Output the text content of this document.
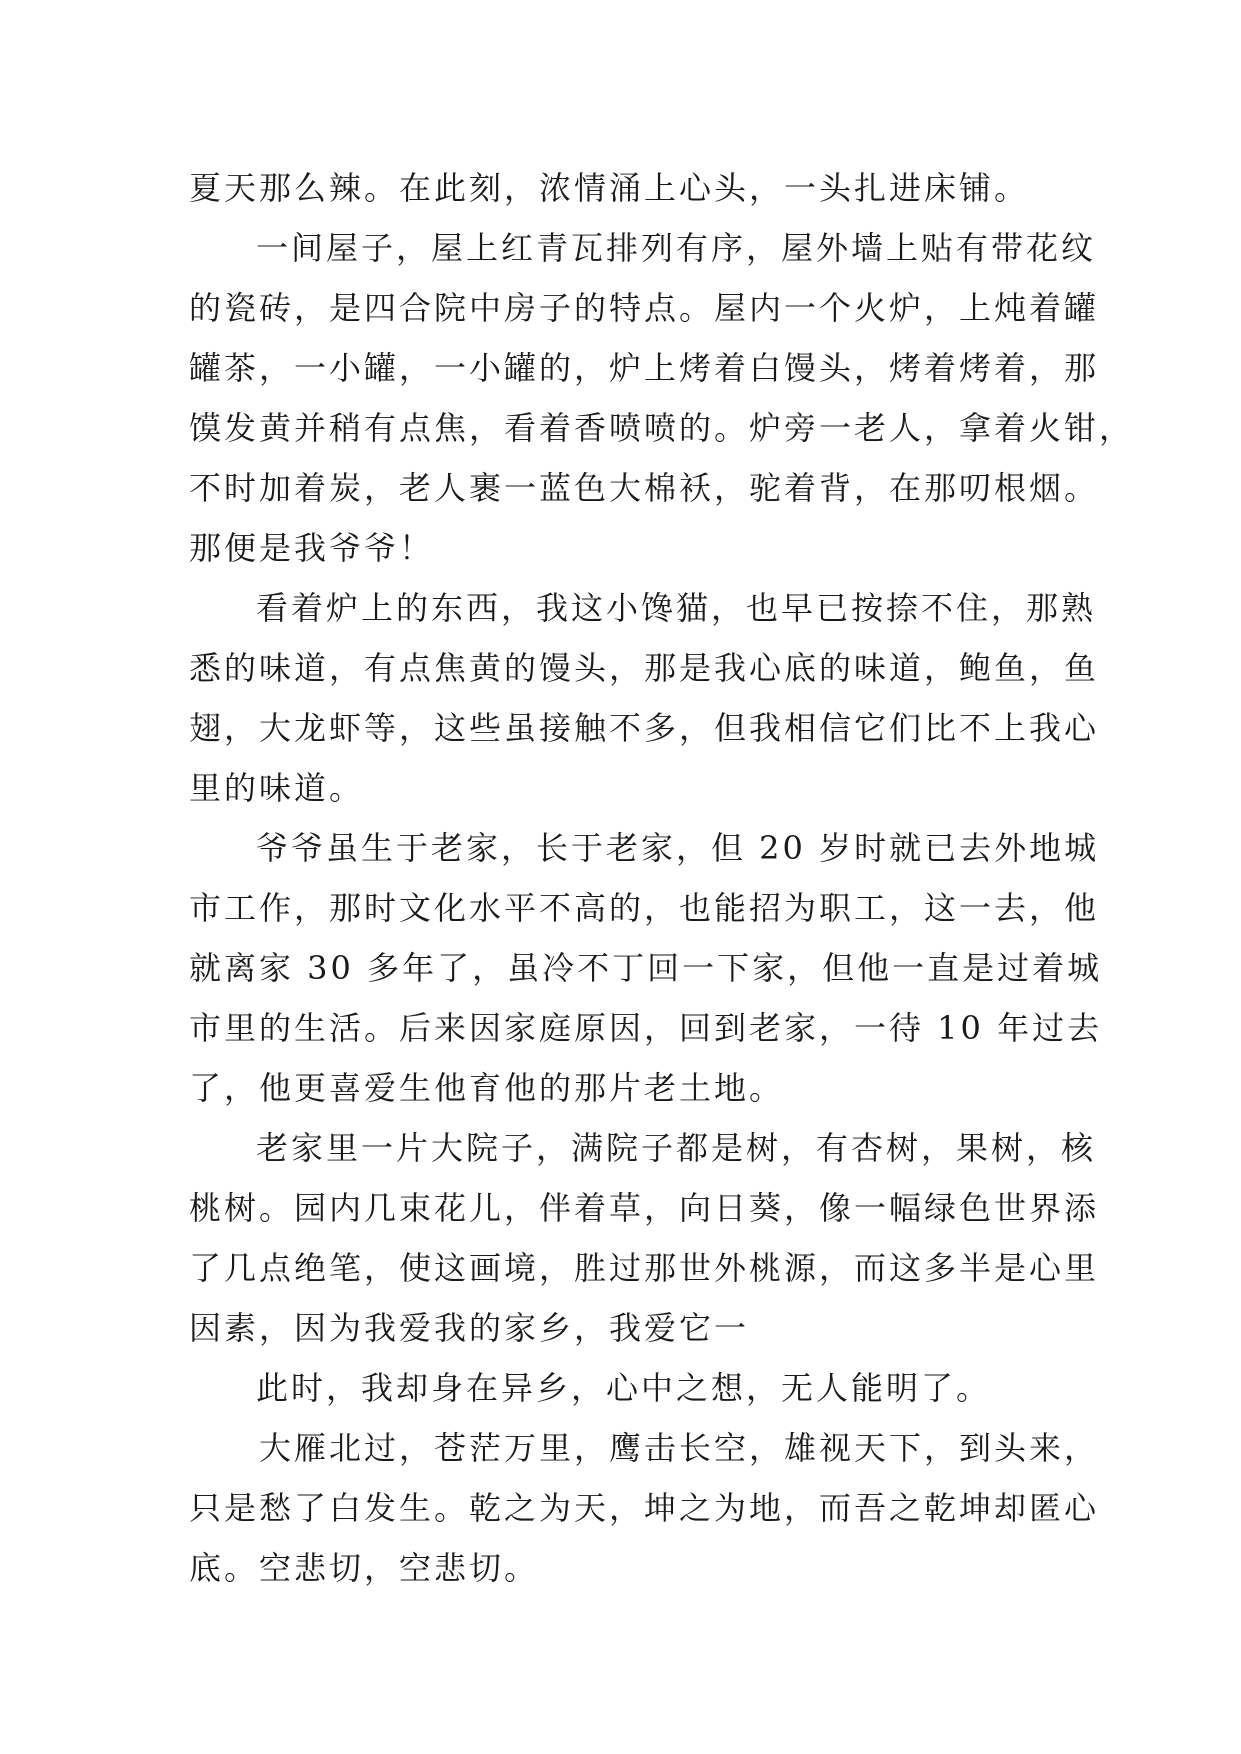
夏天那么辣。在此刻，浓情涌上心头，一头扎进床铺。
一间屋子，屋上红青瓦排列有序，屋外墙上贴有带花纹
的瓷砖，是四合院中房子的特点。屋内一个火炉，上炖着罐
罐茶，一小罐，一小罐的，炉上烤着白馒头，烤着烤着，那
馍发黄并稍有点焦，看着香喷喷的。炉旁一老人，拿着火钳，
不时加着炭，老人裹一蓝色大棉袄，驼着背，在那叨根烟。
那便是我爷爷！
看着炉上的东西，我这小馋猫，也早已按捺不住，那熟
悉的味道，有点焦黄的馒头，那是我心底的味道，鲍鱼，鱼
翅，大龙虾等，这些虽接触不多，但我相信它们比不上我心
里的味道。
爷爷虽生于老家，长于老家，但 20 岁时就已去外地城
市工作，那时文化水平不高的，也能招为职工，这一去，他
就离家 30 多年了，虽冷不丁回一下家，但他一直是过着城
市里的生活。后来因家庭原因，回到老家，一待 10 年过去
了，他更喜爱生他育他的那片老土地。
老家里一片大院子，满院子都是树，有杏树，果树，核
桃树。园内几束花儿，伴着草，向日葵，像一幅绿色世界添
了几点绝笔，使这画境，胜过那世外桃源，而这多半是心里
因素，因为我爱我的家乡，我爱它一
此时，我却身在异乡，心中之想，无人能明了。
大雁北过，苍茫万里，鹰击长空，雄视天下，到头来，
只是愁了白发生。乾之为天，坤之为地，而吾之乾坤却匿心
底。空悲切，空悲切。
